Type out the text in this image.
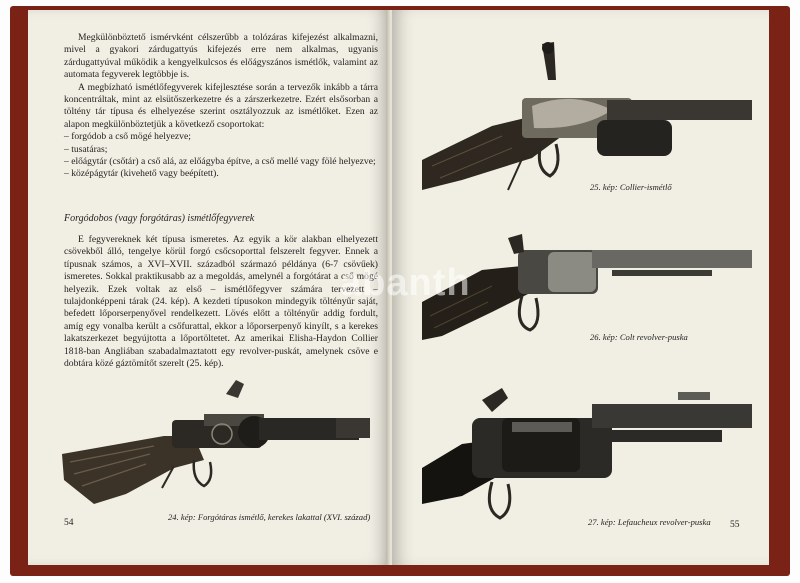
Megkülönböztető ismérvként célszerűbb a tolózáras kifejezést alkalmazni, mivel a gyakori zárdugattyús kifejezés erre nem alkalmas, ugyanis zárdugattyúval működik a kengyelkulcsos és előágyszános ismétlők, valamint az automata fegyverek legtöbbje is.

A megbízható ismétlőfegyverek kifejlesztése során a tervezők inkább a tárra koncentráltak, mint az elsütőszerkezetre és a zárszerkezetre. Ezért elsősorban a töltény tár típusa és elhelyezése szerint osztályozzuk az ismétlőket. Ezen az alapon megkülönböztetjük a következő csoportokat:

– forgódob a cső mögé helyezve;
– tusatáras;
– előágytár (csőtár) a cső alá, az előágyba építve, a cső mellé vagy fölé helyezve;
– középágytár (kivehető vagy beépített).
Forgódobos (vagy forgótáras) ismétlőfegyverek

E fegyvereknek két típusa ismeretes. Az egyik a kör alakban elhelyezett csövekből álló, tengelye körül forgó csőcsoporttal felszerelt fegyver. Ennek a típusnak számos, a XVI–XVII. századból származó példánya (6-7 csövűek) ismeretes. Sokkal praktikusabb az a megoldás, amelynél a forgótárat a cső mögé helyezik. Ezek voltak az első – ismétlőfegyver számára tervezett – tulajdonképpeni tárak (24. kép). A kezdeti típusokon mindegyik töltényűr saját, befedett lőporserpenyővel rendelkezett. Lövés előtt a töltényűr addig fordult, amíg egy vonalba került a csőfurattal, ekkor a lőporserpenyő kinyílt, s a kerekes lakatszerkezet begyújtotta a lőportöltetet. Az amerikai Elisha-Haydon Collier 1818-ban Angliában szabadalmaztatott egy revolver-puskát, amelynek csöve e dobtára közé gáztömítőt szerelt (25. kép).

24. kép: Forgótáras ismétlő, kerekes lakattal (XVI. század)
54
25. kép: Collier-ismétlő
26. kép: Colt revolver-puska
27. kép: Lefaucheux revolver-puska 55
abanth
